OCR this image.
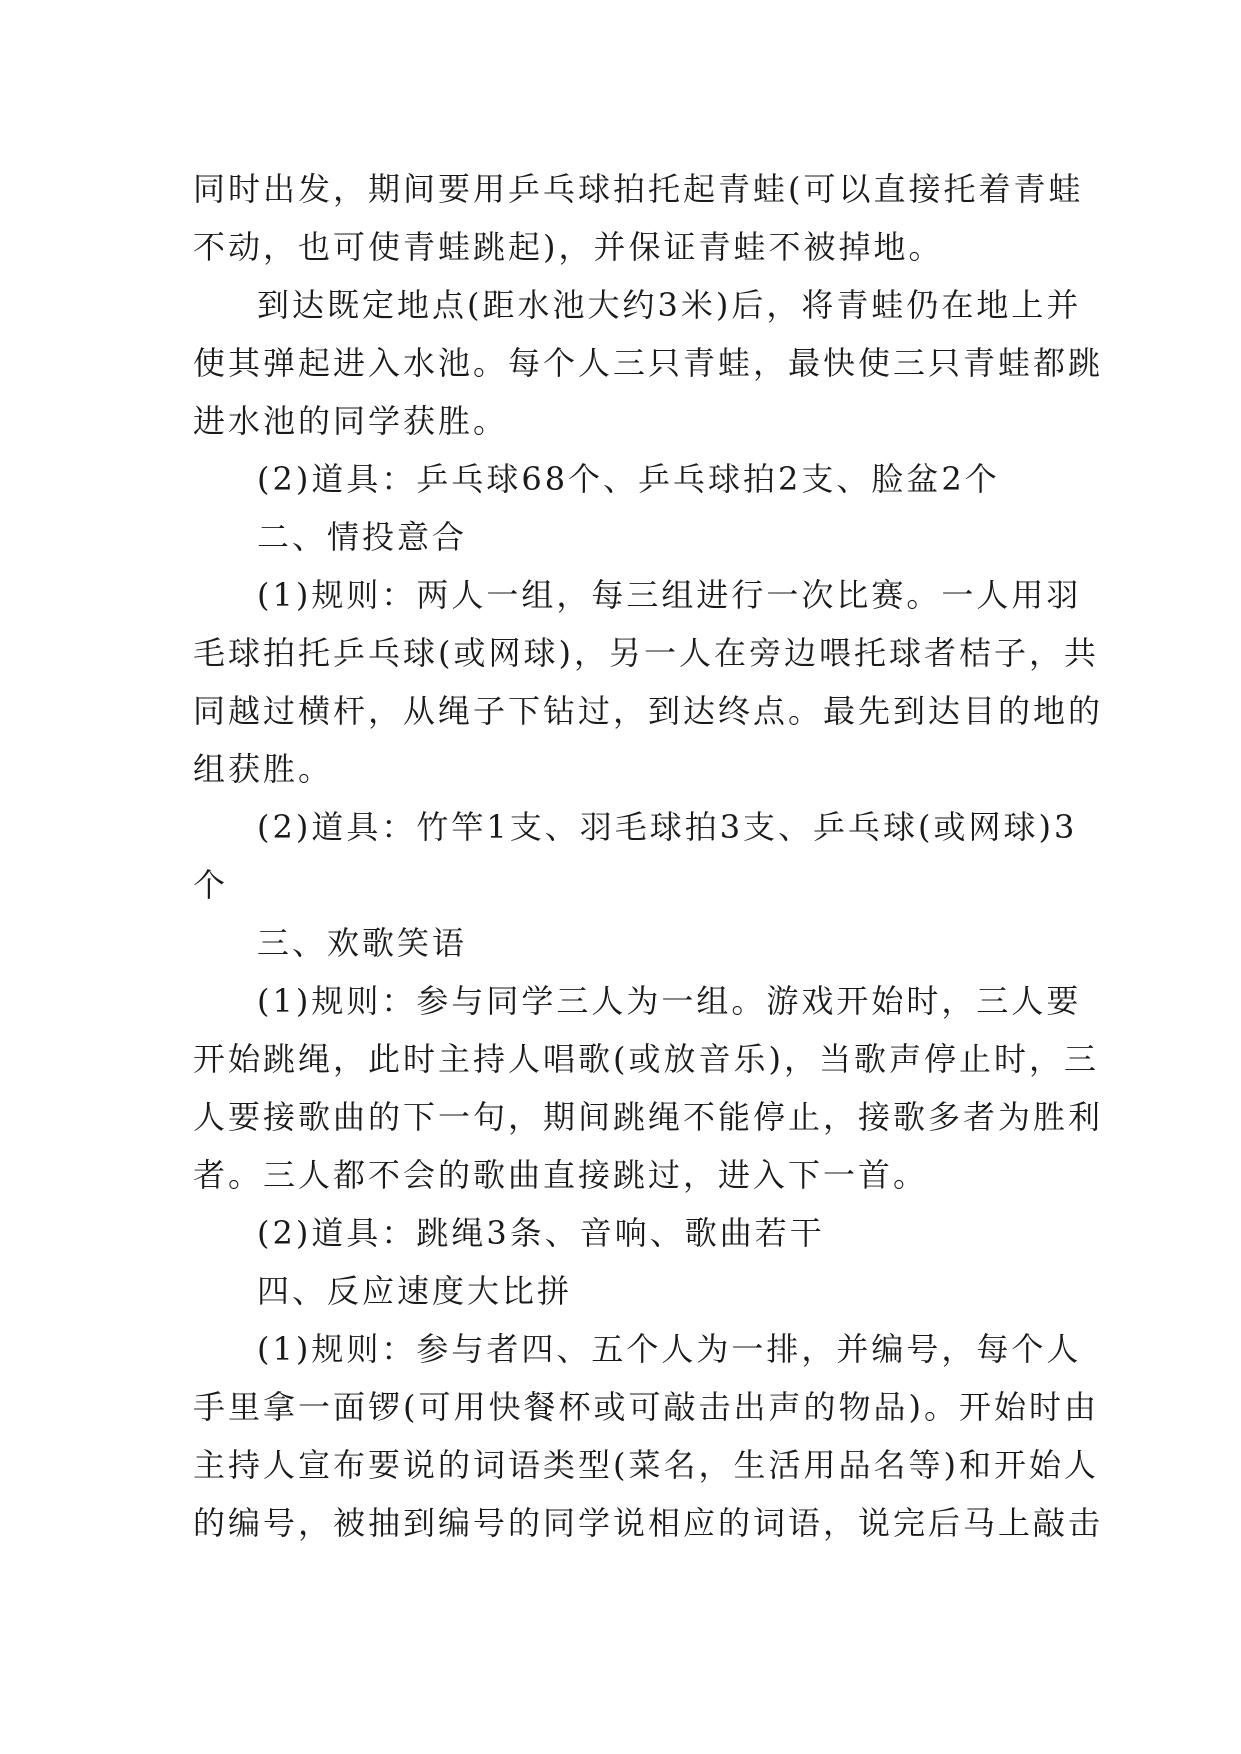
同时出发，期间要用乒乓球拍托起青蛙(可以直接托着青蛙
不动，也可使青蛙跳起)，并保证青蛙不被掉地。
到达既定地点(距水池大约3米)后，将青蛙仍在地上并
使其弹起进入水池。每个人三只青蛙，最快使三只青蛙都跳
进水池的同学获胜。
(2)道具：乒乓球68个、乒乓球拍2支、脸盆2个
二、情投意合
(1)规则：两人一组，每三组进行一次比赛。一人用羽
毛球拍托乒乓球(或网球)，另一人在旁边喂托球者桔子，共
同越过横杆，从绳子下钻过，到达终点。最先到达目的地的
组获胜。
(2)道具：竹竿1支、羽毛球拍3支、乒乓球(或网球)3
个
三、欢歌笑语
(1)规则：参与同学三人为一组。游戏开始时，三人要
开始跳绳，此时主持人唱歌(或放音乐)，当歌声停止时，三
人要接歌曲的下一句，期间跳绳不能停止，接歌多者为胜利
者。三人都不会的歌曲直接跳过，进入下一首。
(2)道具：跳绳3条、音响、歌曲若干
四、反应速度大比拼
(1)规则：参与者四、五个人为一排，并编号，每个人
手里拿一面锣(可用快餐杯或可敲击出声的物品)。开始时由
主持人宣布要说的词语类型(菜名，生活用品名等)和开始人
的编号，被抽到编号的同学说相应的词语，说完后马上敲击
